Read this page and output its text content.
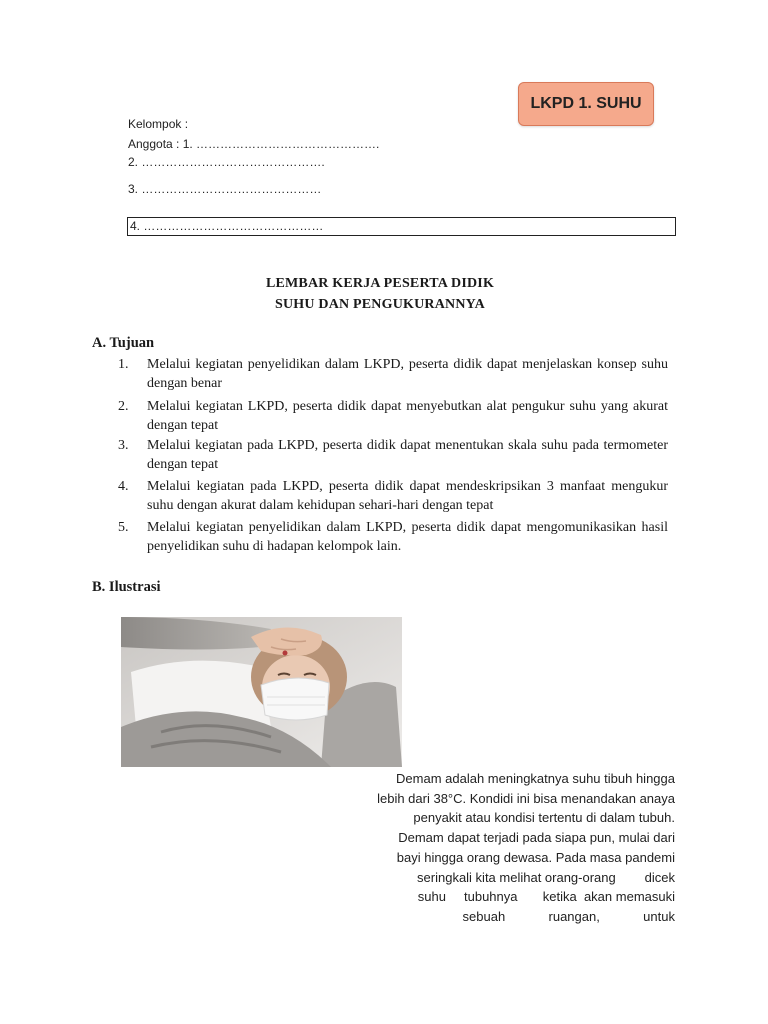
LKPD 1. SUHU
Kelompok :
Anggota : 1. ……………………………………….
2. ……………………………………….
3. ………………………………………
4. ………………………………………
LEMBAR KERJA PESERTA DIDIK
SUHU DAN PENGUKURANNYA
A. Tujuan
1. Melalui kegiatan penyelidikan dalam LKPD, peserta didik dapat menjelaskan konsep suhu dengan benar
2. Melalui kegiatan LKPD, peserta didik dapat menyebutkan alat pengukur suhu yang akurat dengan tepat
3. Melalui kegiatan pada LKPD, peserta didik dapat menentukan skala suhu pada termometer dengan tepat
4. Melalui kegiatan pada LKPD, peserta didik dapat mendeskripsikan 3 manfaat mengukur suhu dengan akurat dalam kehidupan sehari-hari dengan tepat
5. Melalui kegiatan penyelidikan dalam LKPD, peserta didik dapat mengomunikasikan hasil penyelidikan suhu di hadapan kelompok lain.
B. Ilustrasi

Demam adalah meningkatnya suhu tibuh hingga

lebih dari 38°C. Kondidi ini bisa menandakan anaya

penyakit atau kondisi tertentu di dalam tubuh.

Demam dapat terjadi pada siapa pun, mulai dari

bayi hingga orang dewasa. Pada masa pandemi

seringkali kita melihat orang-orang        dicek

suhu     tubuhnya       ketika  akan memasuki

sebuah            ruangan,            untuk
